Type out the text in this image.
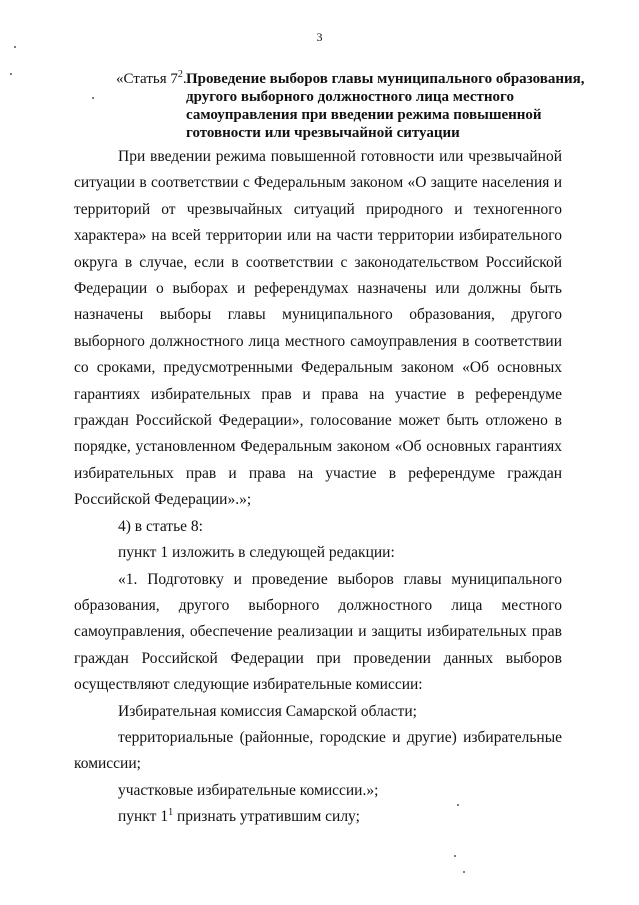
3
«Статья $7^2$. Проведение выборов главы муниципального образования, другого выборного должностного лица местного самоуправления при введении режима повышенной готовности или чрезвычайной ситуации

При введении режима повышенной готовности или чрезвычайной ситуации в соответствии с Федеральным законом «О защите населения и территорий от чрезвычайных ситуаций природного и техногенного характера» на всей территории или на части территории избирательного округа в случае, если в соответствии с законодательством Российской Федерации о выборах и референдумах назначены или должны быть назначены выборы главы муниципального образования, другого выборного должностного лица местного самоуправления в соответствии со сроками, предусмотренными Федеральным законом «Об основных гарантиях избирательных прав и права на участие в референдуме граждан Российской Федерации», голосование может быть отложено в порядке, установленном Федеральным законом «Об основных гарантиях избирательных прав и права на участие в референдуме граждан Российской Федерации».»;

4) в статье 8:

пункт 1 изложить в следующей редакции:

«1. Подготовку и проведение выборов главы муниципального образования, другого выборного должностного лица местного самоуправления, обеспечение реализации и защиты избирательных прав граждан Российской Федерации при проведении данных выборов осуществляют следующие избирательные комиссии:

Избирательная комиссия Самарской области;

территориальные (районные, городские и другие) избирательные комиссии;

участковые избирательные комиссии.»;

пункт $1^1$ признать утратившим силу;
